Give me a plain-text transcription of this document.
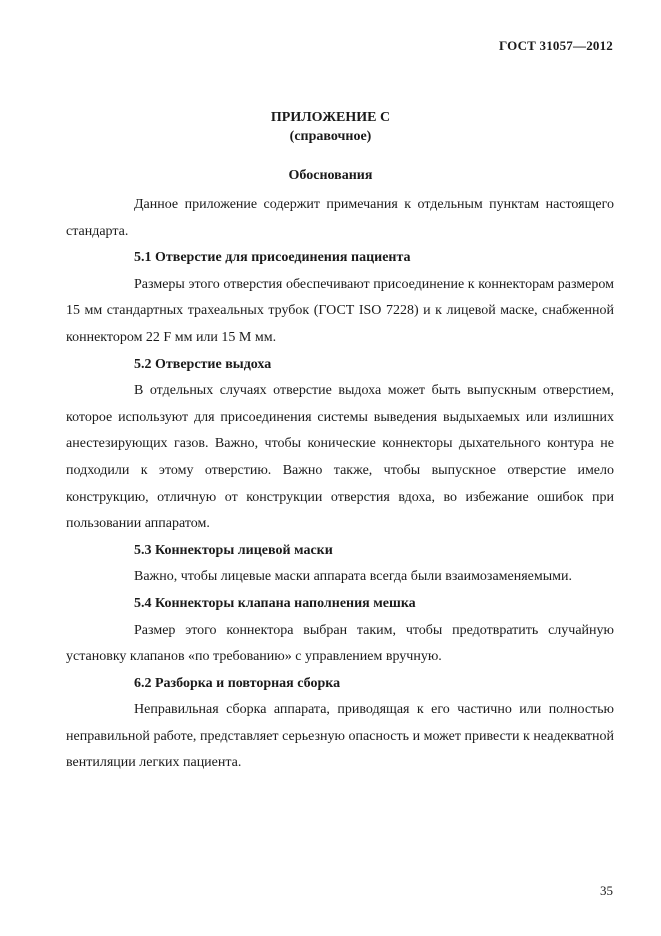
ГОСТ 31057—2012
ПРИЛОЖЕНИЕ С
(справочное)
Обоснования

Данное приложение содержит примечания к отдельным пунктам настоящего стандарта.

5.1 Отверстие для присоединения пациента

Размеры этого отверстия обеспечивают присоединение к коннекторам размером 15 мм стандартных трахеальных трубок (ГОСТ ISO 7228) и к лицевой маске, снабженной коннектором 22 F мм или 15 M мм.

5.2 Отверстие выдоха

В отдельных случаях отверстие выдоха может быть выпускным отверстием, которое используют для присоединения системы выведения выдыхаемых или излишних анестезирующих газов. Важно, чтобы конические коннекторы дыхательного контура не подходили к этому отверстию. Важно также, чтобы выпускное отверстие имело конструкцию, отличную от конструкции отверстия вдоха, во избежание ошибок при пользовании аппаратом.

5.3 Коннекторы лицевой маски

Важно, чтобы лицевые маски аппарата всегда были взаимозаменяемыми.

5.4 Коннекторы клапана наполнения мешка

Размер этого коннектора выбран таким, чтобы предотвратить случайную установку клапанов «по требованию» с управлением вручную.

6.2 Разборка и повторная сборка

Неправильная сборка аппарата, приводящая к его частично или полностью неправильной работе, представляет серьезную опасность и может привести к неадекватной вентиляции легких пациента.

35
